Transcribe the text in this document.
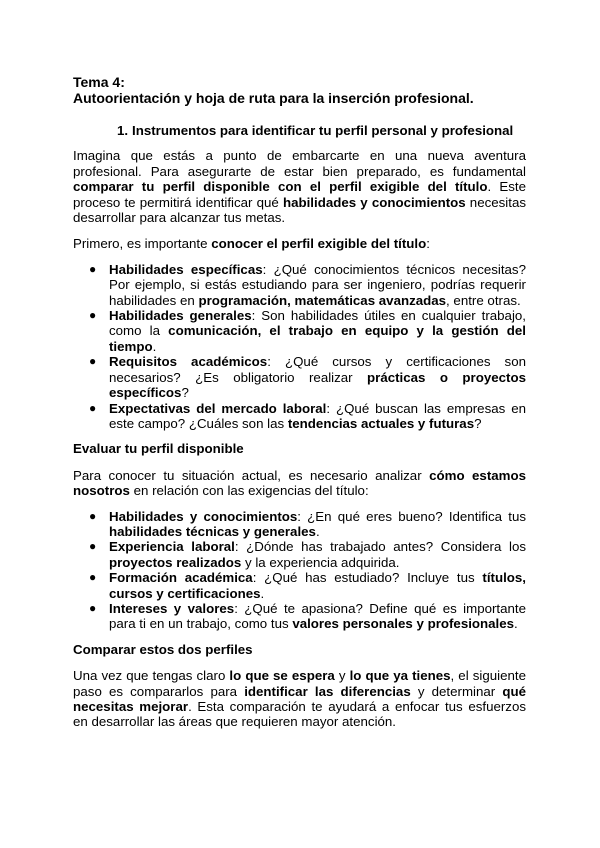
Tema 4:
Autoorientación y hoja de ruta para la inserción profesional.
1. Instrumentos para identificar tu perfil personal y profesional

Imagina que estás a punto de embarcarte en una nueva aventura profesional. Para asegurarte de estar bien preparado, es fundamental comparar tu perfil disponible con el perfil exigible del título. Este proceso te permitirá identificar qué habilidades y conocimientos necesitas desarrollar para alcanzar tus metas.

Primero, es importante conocer el perfil exigible del título:

● Habilidades específicas: ¿Qué conocimientos técnicos necesitas? Por ejemplo, si estás estudiando para ser ingeniero, podrías requerir habilidades en programación, matemáticas avanzadas, entre otras.
● Habilidades generales: Son habilidades útiles en cualquier trabajo, como la comunicación, el trabajo en equipo y la gestión del tiempo.
● Requisitos académicos: ¿Qué cursos y certificaciones son necesarios? ¿Es obligatorio realizar prácticas o proyectos específicos?
● Expectativas del mercado laboral: ¿Qué buscan las empresas en este campo? ¿Cuáles son las tendencias actuales y futuras?
Evaluar tu perfil disponible

Para conocer tu situación actual, es necesario analizar cómo estamos nosotros en relación con las exigencias del título:

● Habilidades y conocimientos: ¿En qué eres bueno? Identifica tus habilidades técnicas y generales.
● Experiencia laboral: ¿Dónde has trabajado antes? Considera los proyectos realizados y la experiencia adquirida.
● Formación académica: ¿Qué has estudiado? Incluye tus títulos, cursos y certificaciones.
● Intereses y valores: ¿Qué te apasiona? Define qué es importante para ti en un trabajo, como tus valores personales y profesionales.
Comparar estos dos perfiles

Una vez que tengas claro lo que se espera y lo que ya tienes, el siguiente paso es compararlos para identificar las diferencias y determinar qué necesitas mejorar. Esta comparación te ayudará a enfocar tus esfuerzos en desarrollar las áreas que requieren mayor atención.
